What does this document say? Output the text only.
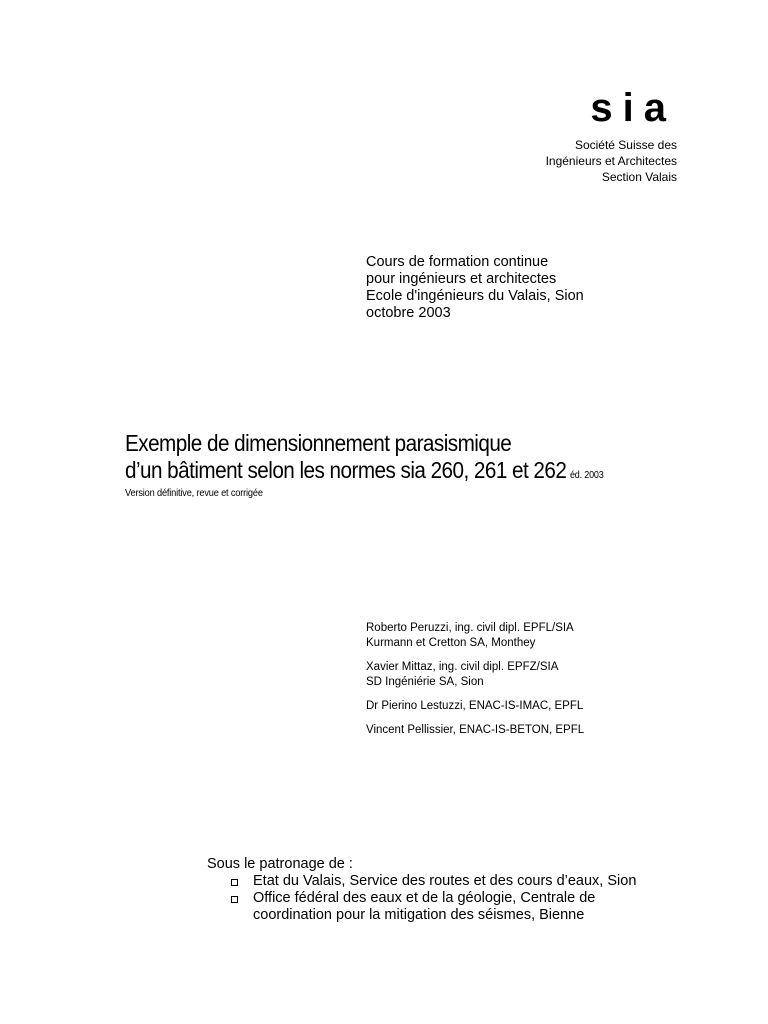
sia
Société Suisse des
Ingénieurs et Architectes
Section Valais
Cours de formation continue
pour ingénieurs et architectes
Ecole d'ingénieurs du Valais, Sion
octobre 2003
Exemple de dimensionnement parasismique
d’un bâtiment selon les normes sia 260, 261 et 262 éd. 2003
Version définitive, revue et corrigée
Roberto Peruzzi, ing. civil dipl. EPFL/SIA
Kurmann et Cretton SA, Monthey
Xavier Mittaz, ing. civil dipl. EPFZ/SIA
SD Ingéniérie SA, Sion
Dr Pierino Lestuzzi, ENAC-IS-IMAC, EPFL
Vincent Pellissier, ENAC-IS-BETON, EPFL
Sous le patronage de :
Etat du Valais, Service des routes et des cours d’eaux, Sion
Office fédéral des eaux et de la géologie, Centrale de
coordination pour la mitigation des séismes, Bienne
